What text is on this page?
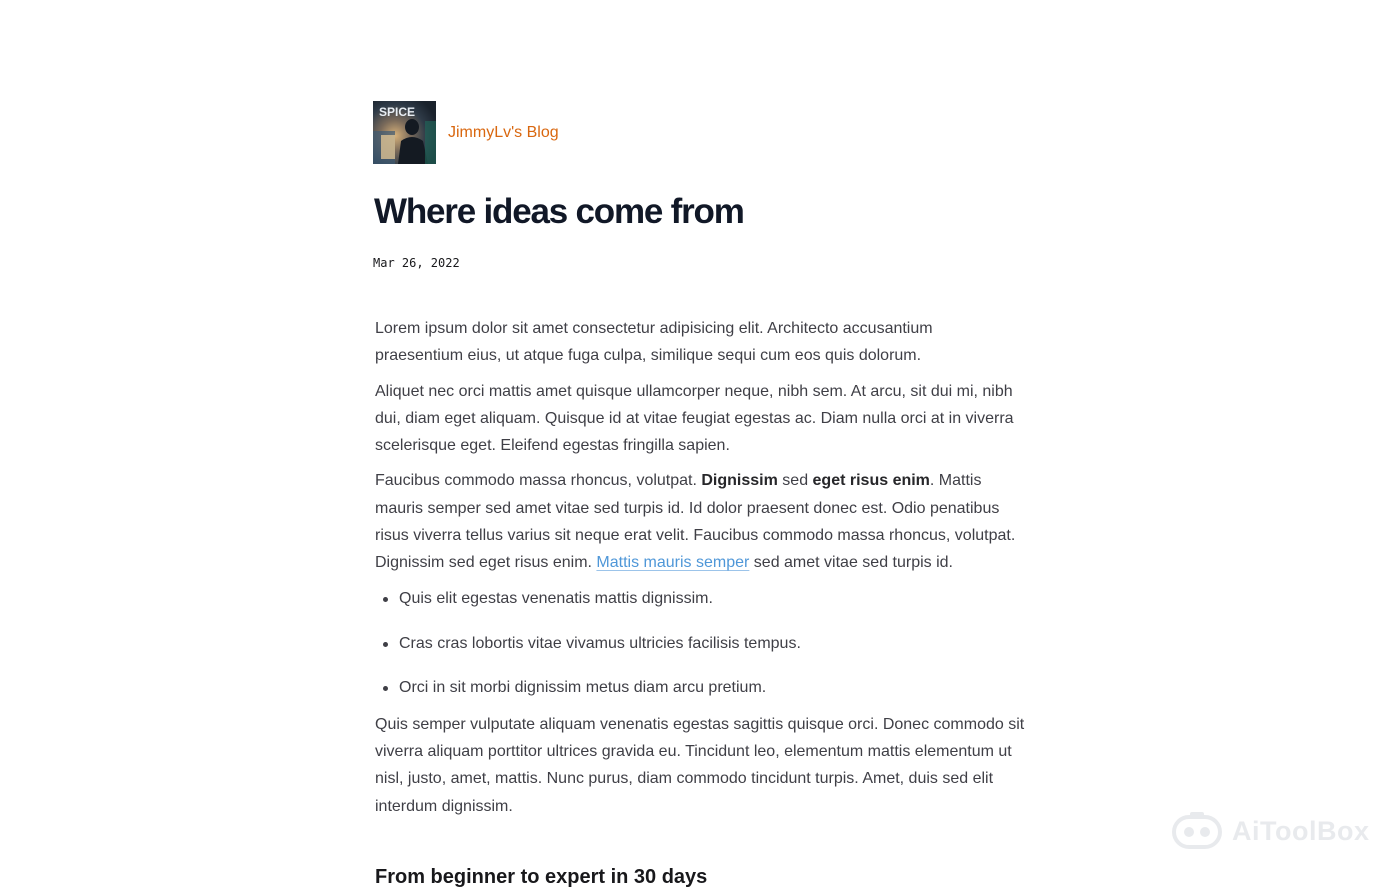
SPICE
JimmyLv's Blog
Where ideas come from
Mar 26, 2022

Lorem ipsum dolor sit amet consectetur adipisicing elit. Architecto accusantium praesentium eius, ut atque fuga culpa, similique sequi cum eos quis dolorum.

Aliquet nec orci mattis amet quisque ullamcorper neque, nibh sem. At arcu, sit dui mi, nibh dui, diam eget aliquam. Quisque id at vitae feugiat egestas ac. Diam nulla orci at in viverra scelerisque eget. Eleifend egestas fringilla sapien.

Faucibus commodo massa rhoncus, volutpat. Dignissim sed eget risus enim. Mattis mauris semper sed amet vitae sed turpis id. Id dolor praesent donec est. Odio penatibus risus viverra tellus varius sit neque erat velit. Faucibus commodo massa rhoncus, volutpat. Dignissim sed eget risus enim. Mattis mauris semper sed amet vitae sed turpis id.

Quis elit egestas venenatis mattis dignissim.
Cras cras lobortis vitae vivamus ultricies facilisis tempus.
Orci in sit morbi dignissim metus diam arcu pretium.

Quis semper vulputate aliquam venenatis egestas sagittis quisque orci. Donec commodo sit viverra aliquam porttitor ultrices gravida eu. Tincidunt leo, elementum mattis elementum ut nisl, justo, amet, mattis. Nunc purus, diam commodo tincidunt turpis. Amet, duis sed elit interdum dignissim.

From beginner to expert in 30 days
AiToolBox
